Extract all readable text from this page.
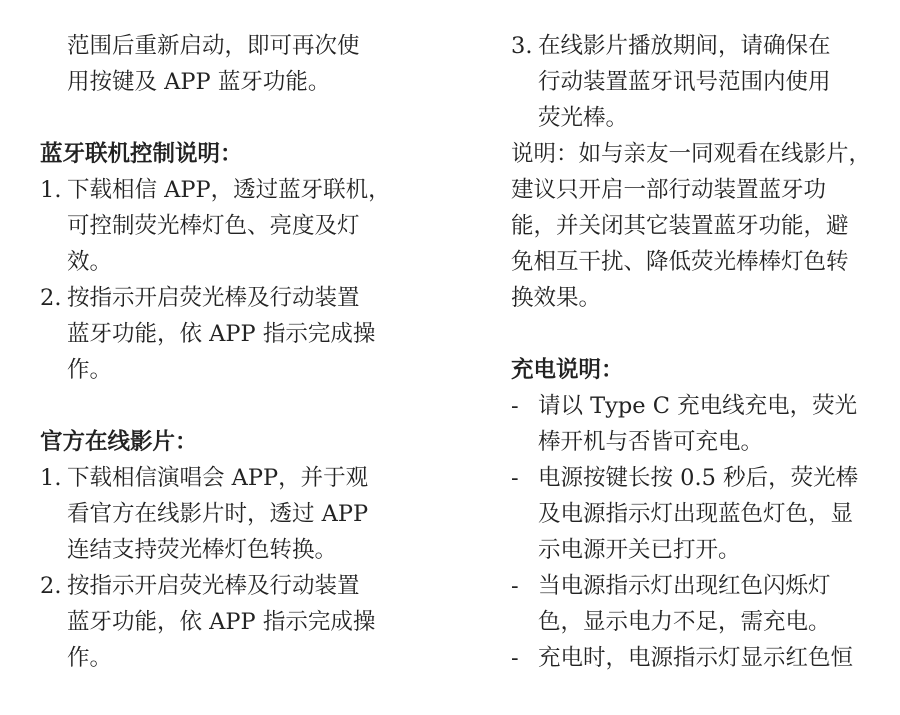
范围后重新启动，即可再次使
用按键及 APP 蓝牙功能。
蓝牙联机控制说明：
1. 下载相信 APP，透过蓝牙联机，
可控制荧光棒灯色、亮度及灯
效。
2. 按指示开启荧光棒及行动装置
蓝牙功能，依 APP 指示完成操
作。
官方在线影片：
1. 下载相信演唱会 APP，并于观
看官方在线影片时，透过 APP
连结支持荧光棒灯色转换。
2. 按指示开启荧光棒及行动装置
蓝牙功能，依 APP 指示完成操
作。
3. 在线影片播放期间，请确保在
行动装置蓝牙讯号范围内使用
荧光棒。
说明：如与亲友一同观看在线影片，
建议只开启一部行动装置蓝牙功
能，并关闭其它装置蓝牙功能，避
免相互干扰、降低荧光棒棒灯色转
换效果。
充电说明：
- 请以 Type C 充电线充电，荧光
棒开机与否皆可充电。
- 电源按键长按 0.5 秒后，荧光棒
及电源指示灯出现蓝色灯色，显
示电源开关已打开。
- 当电源指示灯出现红色闪烁灯
色，显示电力不足，需充电。
- 充电时，电源指示灯显示红色恒
